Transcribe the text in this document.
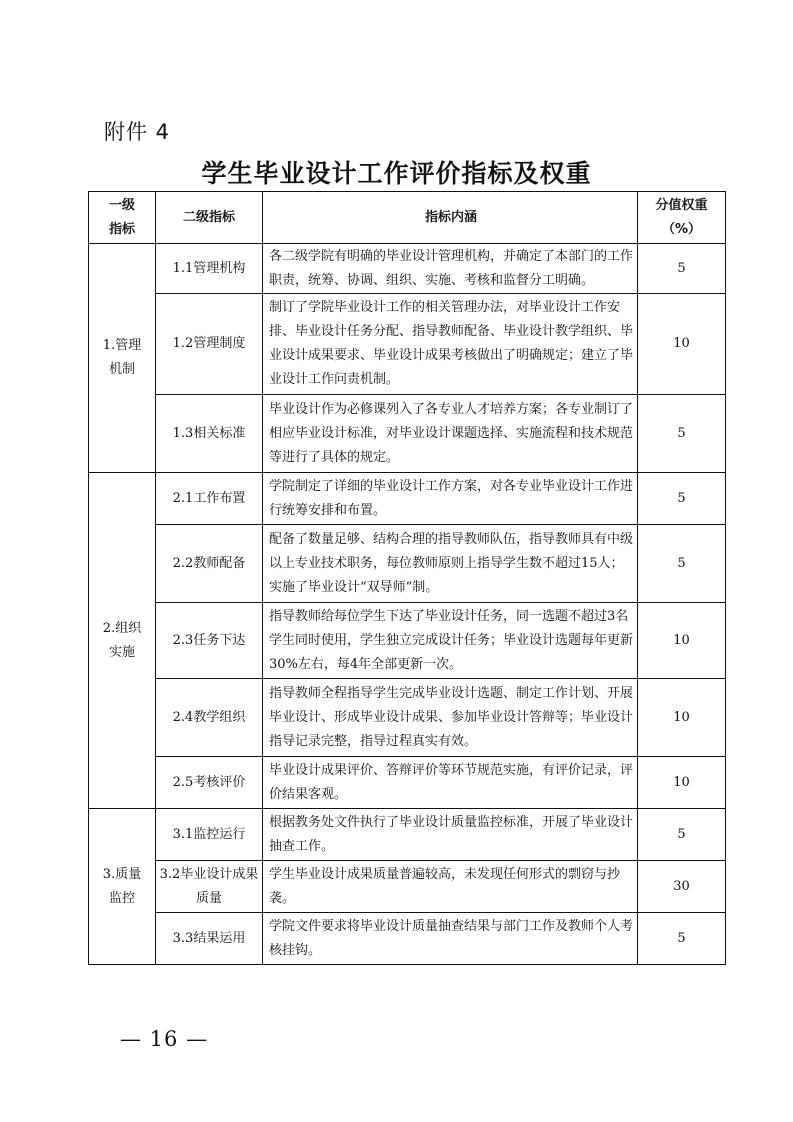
附件 4
学生毕业设计工作评价指标及权重
一级
指标	二级指标	指标内涵	分值权重
（%）
1.管理
机制	1.1管理机构	各二级学院有明确的毕业设计管理机构，并确定了本部门的工作职责，统筹、协调、组织、实施、考核和监督分工明确。	5
	1.2管理制度	制订了学院毕业设计工作的相关管理办法，对毕业设计工作安排、毕业设计任务分配、指导教师配备、毕业设计教学组织、毕业设计成果要求、毕业设计成果考核做出了明确规定；建立了毕业设计工作问责机制。	10
	1.3相关标准	毕业设计作为必修课列入了各专业人才培养方案；各专业制订了相应毕业设计标准，对毕业设计课题选择、实施流程和技术规范等进行了具体的规定。	5
2.组织
实施	2.1工作布置	学院制定了详细的毕业设计工作方案，对各专业毕业设计工作进行统筹安排和布置。	5
	2.2教师配备	配备了数量足够、结构合理的指导教师队伍，指导教师具有中级以上专业技术职务，每位教师原则上指导学生数不超过15人；实施了毕业设计“双导师”制。	5
	2.3任务下达	指导教师给每位学生下达了毕业设计任务，同一选题不超过3名学生同时使用，学生独立完成设计任务；毕业设计选题每年更新30%左右，每4年全部更新一次。	10
	2.4教学组织	指导教师全程指导学生完成毕业设计选题、制定工作计划、开展毕业设计、形成毕业设计成果、参加毕业设计答辩等；毕业设计指导记录完整，指导过程真实有效。	10
	2.5考核评价	毕业设计成果评价、答辩评价等环节规范实施，有评价记录，评价结果客观。	10
3.质量
监控	3.1监控运行	根据教务处文件执行了毕业设计质量监控标准，开展了毕业设计抽查工作。	5
	3.2毕业设计成果质量	学生毕业设计成果质量普遍较高，未发现任何形式的剽窃与抄袭。	30
	3.3结果运用	学院文件要求将毕业设计质量抽查结果与部门工作及教师个人考核挂钩。	5
— 16 —
